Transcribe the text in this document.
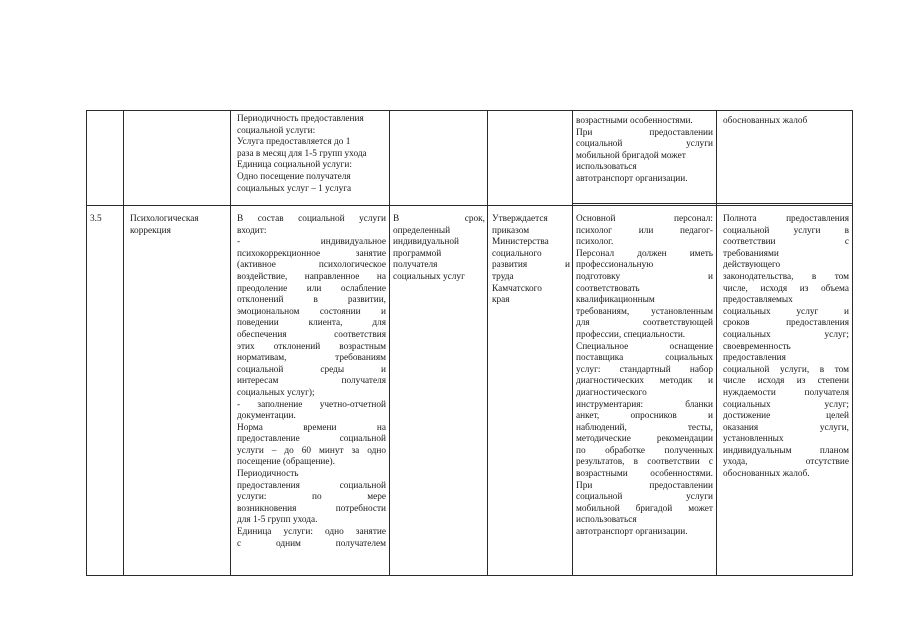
Периодичность предоставления

социальной услуги:

Услуга предоставляется до 1

раза в месяц для 1-5 групп ухода

Единица социальной услуги:

Одно посещение получателя

социальных услуг – 1 услуга

возрастными особенностями.

При предоставлении

социальной услуги

мобильной бригадой может

использоваться

автотранспорт организации.

обоснованных жалоб

3.5	Психологическая коррекция

В состав социальной услуги

входит:

- индивидуальное

психокоррекционное занятие

(активное психологическое

воздействие, направленное на

преодоление или ослабление

отклонений в развитии,

эмоциональном состоянии и

поведении клиента, для

обеспечения соответствия

этих отклонений возрастным

нормативам, требованиям

социальной среды и

интересам получателя

социальных услуг);

- заполнение учетно-отчетной

документации.

Норма времени на

предоставление социальной

услуги – до 60 минут за одно

посещение (обращение).

Периодичность

предоставления социальной

услуги: по мере

возникновения потребности

для 1-5 групп ухода.

Единица услуги: одно занятие

с одним получателем

В срок,

определенный

индивидуальной

программой

получателя

социальных услуг

Утверждается

приказом

Министерства

социального

развития и

труда

Камчатского

края

Основной персонал:

психолог или педагог-

психолог.

Персонал должен иметь

профессиональную

подготовку и

соответствовать

квалификационным

требованиям, установленным

для соответствующей

профессии, специальности.

Специальное оснащение

поставщика социальных

услуг: стандартный набор

диагностических методик и

диагностического

инструментария: бланки

анкет, опросников и

наблюдений, тесты,

методические рекомендации

по обработке полученных

результатов, в соответствии с

возрастными особенностями.

При предоставлении

социальной услуги

мобильной бригадой может

использоваться

автотранспорт организации.

Полнота предоставления

социальной услуги в

соответствии с

требованиями

действующего

законодательства, в том

числе, исходя из объема

предоставляемых

социальных услуг и

сроков предоставления

социальных услуг;

своевременность

предоставления

социальной услуги, в том

числе исходя из степени

нуждаемости получателя

социальных услуг;

достижение целей

оказания услуги,

установленных

индивидуальным планом

ухода, отсутствие

обоснованных жалоб.
